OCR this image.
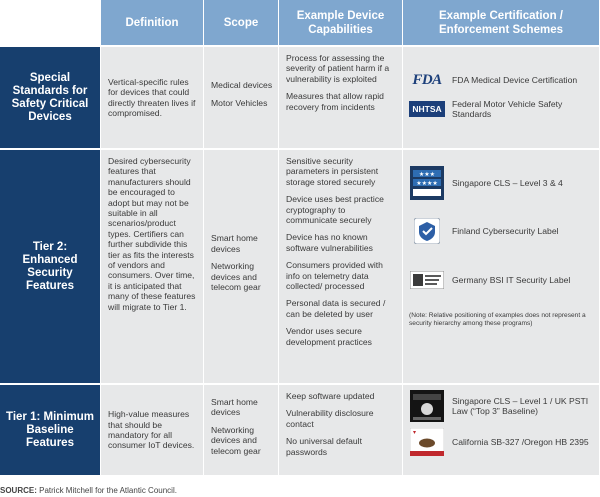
Definition	Scope
Example Device Capabilities
Example Certification / Enforcement Schemes
Special Standards for Safety Critical Devices
Vertical-specific rules for devices that could directly threaten lives if compromised.

Medical devices

Motor Vehicles

Process for assessing the severity of patient harm if a vulnerability is exploited

Measures that allow rapid recovery from incidents

FDA FDA Medical Device Certification
NHTSA
Federal Motor Vehicle Safety Standards
Tier 2: Enhanced Security Features
Desired cybersecurity features that manufacturers should be encouraged to adopt but may not be suitable in all scenarios/product types. Certifiers can further subdivide this tier as fits the interests of vendors and consumers. Over time, it is anticipated that many of these features will migrate to Tier 1.

Smart home devices

Networking devices and telecom gear

Sensitive security parameters in persistent storage stored securely

Device uses best practice cryptography to communicate securely

Device has no known software vulnerabilities

Consumers provided with info on telemetry data collected/ processed

Personal data is secured / can be deleted by user

Vendor uses secure development practices

★★★
★★★★ Singapore CLS – Level 3 & 4
Finland Cybersecurity Label
Germany BSI IT Security Label
(Note: Relative positioning of examples does not represent a security hierarchy among these programs)
Tier 1: Minimum Baseline Features
High-value measures that should be mandatory for all consumer IoT devices.

Smart home devices

Networking devices and telecom gear

Keep software updated

Vulnerability disclosure contact

No universal default passwords

Singapore CLS – Level 1 / UK PSTI Law (“Top 3” Baseline)
California SB-327 /Oregon HB 2395
SOURCE: Patrick Mitchell for the Atlantic Council.
